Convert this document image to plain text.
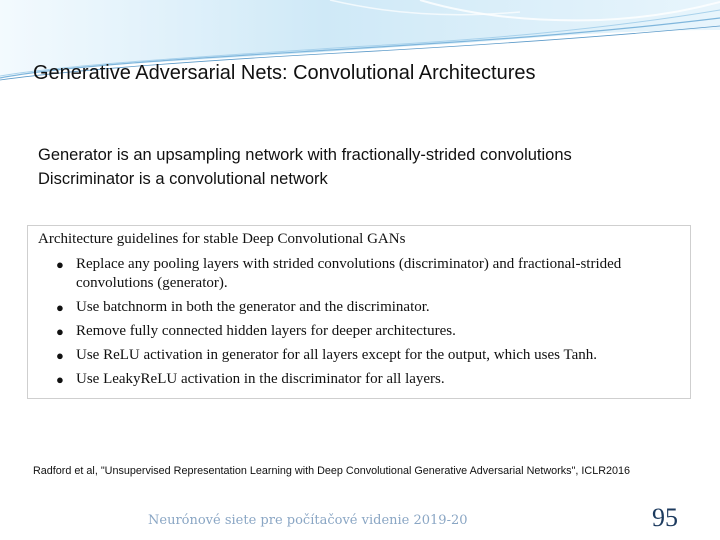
Generative Adversarial Nets: Convolutional Architectures
Generator is an upsampling network with fractionally-strided convolutions
Discriminator is a convolutional network
Architecture guidelines for stable Deep Convolutional GANs
● Replace any pooling layers with strided convolutions (discriminator) and fractional-strided convolutions (generator).
● Use batchnorm in both the generator and the discriminator.
● Remove fully connected hidden layers for deeper architectures.
● Use ReLU activation in generator for all layers except for the output, which uses Tanh.
● Use LeakyReLU activation in the discriminator for all layers.
Radford et al, "Unsupervised Representation Learning with Deep Convolutional Generative Adversarial Networks", ICLR2016
Neurónové siete pre počítačové videnie 2019-20	95
